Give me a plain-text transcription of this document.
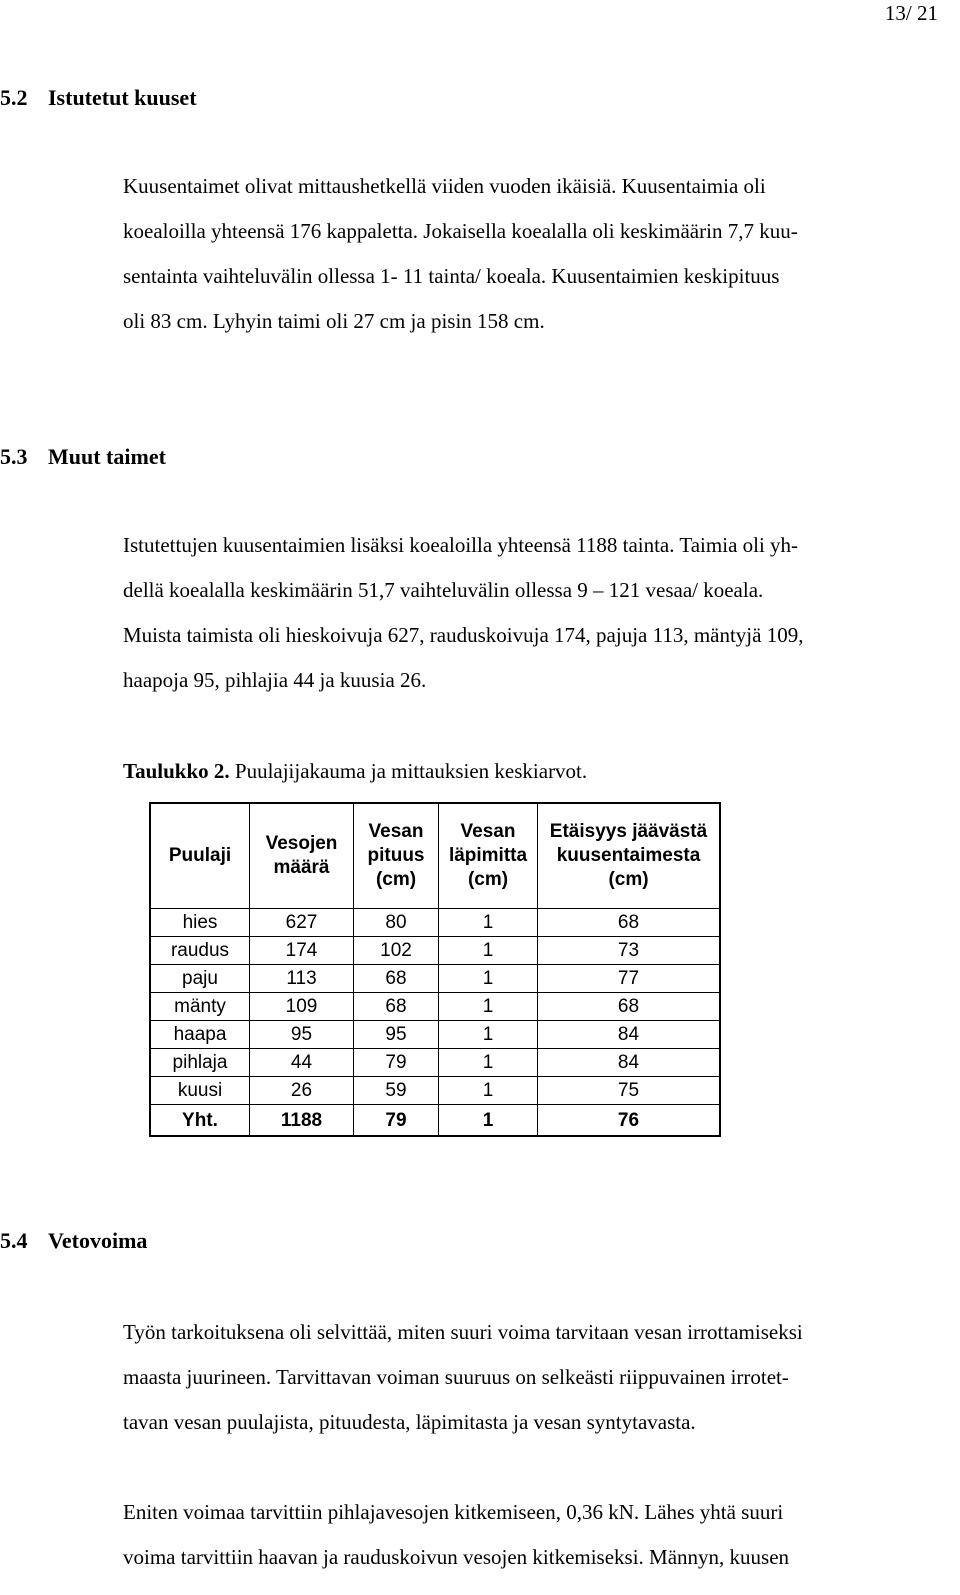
13/ 21
5.2 Istutetut kuuset
Kuusentaimet olivat mittaushetkellä viiden vuoden ikäisiä. Kuusentaimia oli
koealoilla yhteensä 176 kappaletta. Jokaisella koealalla oli keskimäärin 7,7 kuu-
sentainta vaihteluvälin ollessa 1- 11 tainta/ koeala. Kuusentaimien keskipituus
oli 83 cm. Lyhyin taimi oli 27 cm ja pisin 158 cm.
5.3 Muut taimet
Istutettujen kuusentaimien lisäksi koealoilla yhteensä 1188 tainta. Taimia oli yh-
dellä koealalla keskimäärin 51,7 vaihteluvälin ollessa 9 – 121 vesaa/ koeala.
Muista taimista oli hieskoivuja 627, rauduskoivuja 174, pajuja 113, mäntyjä 109,
haapoja 95, pihlajia 44 ja kuusia 26.
Taulukko 2. Puulajijakauma ja mittauksien keskiarvot.
Puulaji	Vesojen määrä	Vesan pituus (cm)	Vesan läpimitta (cm)	Etäisyys jäävästä kuusentaimesta (cm)
hies	627	80	1	68
raudus	174	102	1	73
paju	113	68	1	77
mänty	109	68	1	68
haapa	95	95	1	84
pihlaja	44	79	1	84
kuusi	26	59	1	75
Yht.	1188	79	1	76
5.4 Vetovoima
Työn tarkoituksena oli selvittää, miten suuri voima tarvitaan vesan irrottamiseksi
maasta juurineen. Tarvittavan voiman suuruus on selkeästi riippuvainen irrotet-
tavan vesan puulajista, pituudesta, läpimitasta ja vesan syntytavasta.
Eniten voimaa tarvittiin pihlajavesojen kitkemiseen, 0,36 kN. Lähes yhtä suuri
voima tarvittiin haavan ja rauduskoivun vesojen kitkemiseksi. Männyn, kuusen
